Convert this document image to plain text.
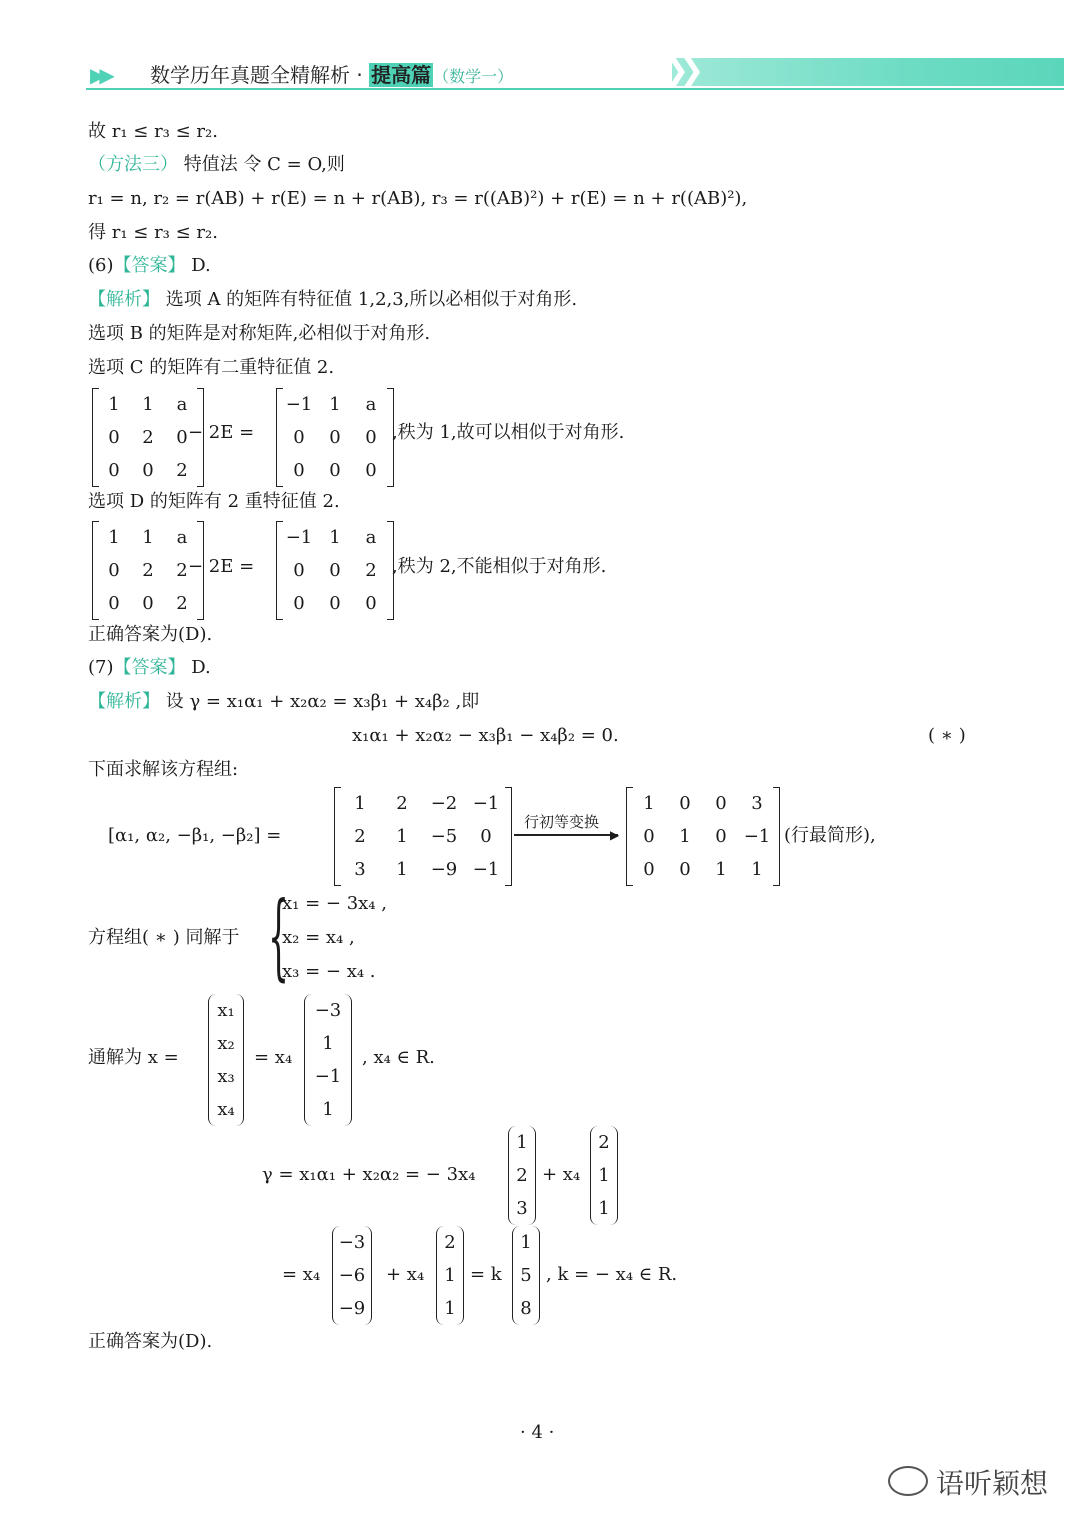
▶▶ 数学历年真题全精解析 · 提高篇 （数学一）	❯❯
故 r₁ ≤ r₃ ≤ r₂.
（方法三） 特值法 令 C = O,则
r₁ = n, r₂ = r(AB) + r(E) = n + r(AB), r₃ = r((AB)²) + r(E) = n + r((AB)²),
得 r₁ ≤ r₃ ≤ r₂.
(6)【答案】 D.
【解析】 选项 A 的矩阵有特征值 1,2,3,所以必相似于对角形.
选项 B 的矩阵是对称矩阵,必相似于对角形.
选项 C 的矩阵有二重特征值 2.
1	1	a
0	2	0
0	0	2
− 2E =
−1	1	a
0	0	0
0	0	0
,秩为 1,故可以相似于对角形.
选项 D 的矩阵有 2 重特征值 2.
1	1	a
0	2	2
0	0	2
− 2E =
−1	1	a
0	0	2
0	0	0
,秩为 2,不能相似于对角形.
正确答案为(D).
(7)【答案】 D.
【解析】 设 γ = x₁α₁ + x₂α₂ = x₃β₁ + x₄β₂ ,即
x₁α₁ + x₂α₂ − x₃β₁ − x₄β₂ = 0.	( ∗ )
下面求解该方程组:
[α₁, α₂, −β₁, −β₂] =
1	2	−2	−1
2	1	−5	0
3	1	−9	−1
行初等变换
▶
1	0	0	3
0	1	0	−1
0	0	1	1
(行最简形),
方程组( ∗ ) 同解于 {
x₁ = − 3x₄ ,
x₂ = x₄ ,
x₃ = − x₄ .
通解为 x =
x₁
x₂
x₃
x₄
= x₄
−3
1
−1
1
, x₄ ∈ R.
γ = x₁α₁ + x₂α₂ = − 3x₄
1
2
3
+ x₄
2
1
1
= x₄
−3
−6
−9
+ x₄
2
1
1
= k
1
5
8
, k = − x₄ ∈ R.
正确答案为(D).
· 4 ·
语听颖想
